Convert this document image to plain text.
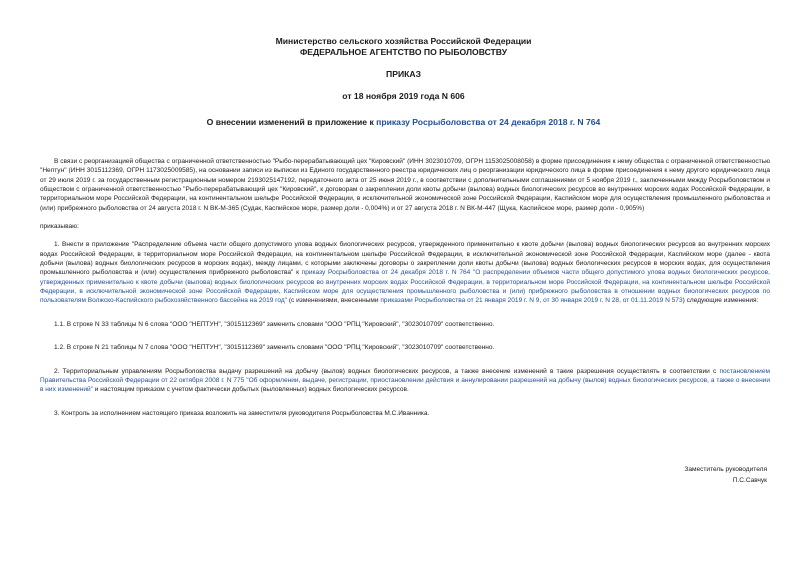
Министерство сельского хозяйства Российской Федерации
ФЕДЕРАЛЬНОЕ АГЕНТСТВО ПО РЫБОЛОВСТВУ
ПРИКАЗ
от 18 ноября 2019 года N 606
О внесении изменений в приложение к приказу Росрыболовства от 24 декабря 2018 г. N 764

В связи с реорганизацией общества с ограниченной ответственностью "Рыбо-перерабатывающий цех "Кировский" (ИНН 3023010709, ОГРН 1153025008058) в форме присоединения к нему общества с ограниченной ответственностью "Нептун" (ИНН 3015112369, ОГРН 1173025009585), на основании записи из выписки из Единого государственного реестра юридических лиц о реорганизации юридического лица в форме присоединения к нему другого юридического лица от 29 июля 2019 г. за государственным регистрационным номером 2193025147192, передаточного акта от 25 июня 2019 г., в соответствии с дополнительными соглашениями от 5 ноября 2019 г., заключенными между Росрыболовством и обществом с ограниченной ответственностью "Рыбо-перерабатывающий цех "Кировский", к договорам о закреплении доли квоты добычи (вылова) водных биологических ресурсов во внутренних морских водах Российской Федерации, в территориальном море Российской Федерации, на континентальном шельфе Российской Федерации, в исключительной экономической зоне Российской Федерации, Каспийском море для осуществления промышленного рыболовства и (или) прибрежного рыболовства от 24 августа 2018 г. N ВК-М-365 (Судак, Каспийское море, размер доли - 0,004%) и от 27 августа 2018 г. N ВК-М-447 (Щука, Каспийское море, размер доли - 0,905%)

приказываю:

1. Внести в приложение "Распределение объема части общего допустимого улова водных биологических ресурсов, утвержденного применительно к квоте добычи (вылова) водных биологических ресурсов во внутренних морских водах Российской Федерации, в территориальном море Российской Федерации, на континентальном шельфе Российской Федерации, в исключительной экономической зоне Российской Федерации, Каспийском море (далее - квота добычи (вылова) водных биологических ресурсов в морских водах), между лицами, с которыми заключены договоры о закреплении доли квоты добычи (вылова) водных биологических ресурсов в морских водах, для осуществления промышленного рыболовства и (или) осуществления прибрежного рыболовства" к приказу Росрыболовства от 24 декабря 2018 г. N 764 "О распределении объемов части общего допустимого улова водных биологических ресурсов, утвержденных применительно к квоте добычи (вылова) водных биологических ресурсов во внутренних морских водах Российской Федерации, в территориальном море Российской Федерации, на континентальном шельфе Российской Федерации, в исключительной экономической зоне Российской Федерации, Каспийском море для осуществления промышленного рыболовства и (или) прибрежного рыболовства в отношении водных биологических ресурсов по пользователям Волжско-Каспийского рыбохозяйственного бассейна на 2019 год" (с изменениями, внесенными приказами Росрыболовства от 21 января 2019 г. N 9, от 30 января 2019 г. N 28, от 01.11.2019 N 573) следующие изменения:

1.1. В строке N 33 таблицы N 6 слова "ООО "НЕПТУН", "3015112369" заменить словами "ООО "РПЦ "Кировский", "3023010709" соответственно.

1.2. В строке N 21 таблицы N 7 слова "ООО "НЕПТУН", "3015112369" заменить словами "ООО "РПЦ "Кировский", "3023010709" соответственно.

2. Территориальным управлениям Росрыболовства выдачу разрешений на добычу (вылов) водных биологических ресурсов, а также внесение изменений в такие разрешения осуществлять в соответствии с постановлением Правительства Российской Федерации от 22 октября 2008 г. N 775 "Об оформлении, выдаче, регистрации, приостановлении действия и аннулировании разрешений на добычу (вылов) водных биологических ресурсов, а также о внесении в них изменений" и настоящим приказом с учетом фактически добытых (выловленных) водных биологических ресурсов.

3. Контроль за исполнением настоящего приказа возложить на заместителя руководителя Росрыболовства М.С.Иванника.

Заместитель руководителя
П.С.Савчук
